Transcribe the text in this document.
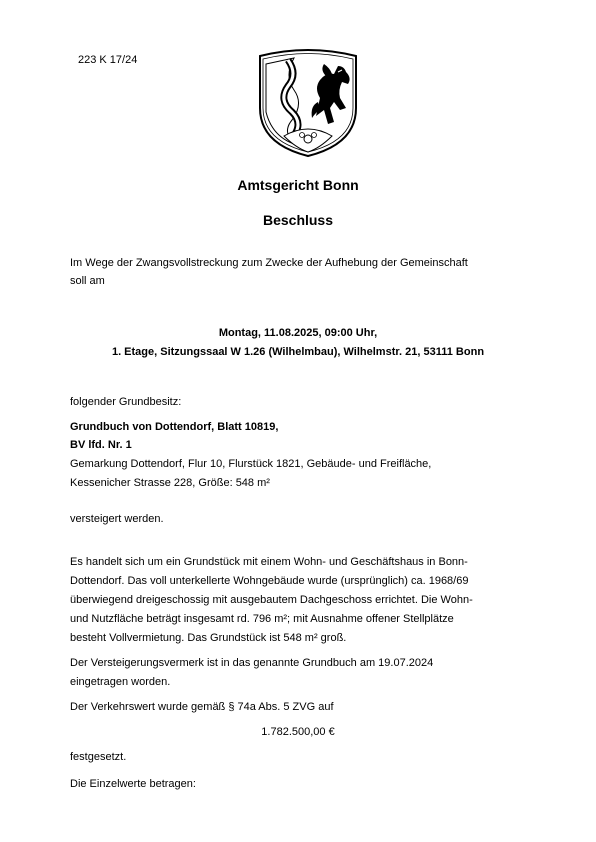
223 K 17/24
Amtsgericht Bonn
Beschluss
Im Wege der Zwangsvollstreckung zum Zwecke der Aufhebung der Gemeinschaft
soll am
Montag, 11.08.2025, 09:00 Uhr,
1. Etage, Sitzungssaal W 1.26 (Wilhelmbau), Wilhelmstr. 21, 53111 Bonn
folgender Grundbesitz:
Grundbuch von Dottendorf, Blatt 10819,
BV lfd. Nr. 1
Gemarkung Dottendorf, Flur 10, Flurstück 1821, Gebäude- und Freifläche,
Kessenicher Strasse 228, Größe: 548 m²
versteigert werden.
Es handelt sich um ein Grundstück mit einem Wohn- und Geschäftshaus in Bonn-
Dottendorf. Das voll unterkellerte Wohngebäude wurde (ursprünglich) ca. 1968/69
überwiegend dreigeschossig mit ausgebautem Dachgeschoss errichtet. Die Wohn-
und Nutzfläche beträgt insgesamt rd. 796 m²; mit Ausnahme offener Stellplätze
besteht Vollvermietung. Das Grundstück ist 548 m² groß.
Der Versteigerungsvermerk ist in das genannte Grundbuch am 19.07.2024
eingetragen worden.
Der Verkehrswert wurde gemäß § 74a Abs. 5 ZVG auf
1.782.500,00 €
festgesetzt.
Die Einzelwerte betragen:
